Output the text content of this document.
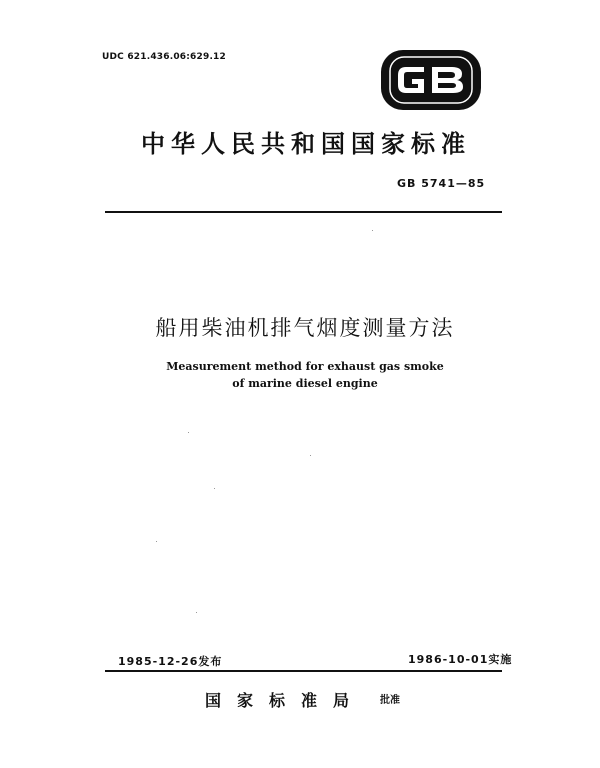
UDC 621.436.06:629.12
中华人民共和国国家标准
GB 5741—85
船用柴油机排气烟度测量方法
Measurement method for exhaust gas smoke
of marine diesel engine
1985-12-26发布	1986-10-01实施
国家标准局 批准
